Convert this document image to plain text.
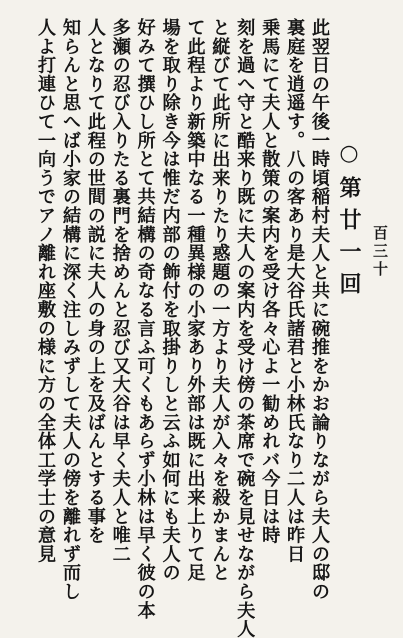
百三十
○第廿一回
此翌日の午後一時頃稲村夫人と共に碗推をかお論りながら夫人の邸の
裏庭を逍遥す。八の客あり是大谷氏諸君と小林氏なり二人は昨日
乗馬にて夫人と散策の案内を受け各々心よ一勧めれバ今日は時
刻を過へ守と酷来り既に夫人の案内を受け傍の茶席で碗を見せながら夫人
と縦びて此所に出来りたり惑題の一方より夫人が入々を殺かまんと
て此程より新築中なる一種異様の小家あり外部は既に出来上りて足
場を取り除き今は惟だ内部の飾付を取掛りしと云ふ如何にも夫人の
好みて撰ひし所とて共結構の奇なる言ふ可くもあらず小林は早く彼の本
多瀬の忍び入りたる裏門を捨めんと忍び又大谷は早く夫人と唯二
人となりて此程の世間の説に夫人の身の上を及ばんとする事を
知らんと思へば小家の結構に深く注しみずして夫人の傍を離れず而し
人よ打連ひて一向うでアノ離れ座敷の様に方の全体工学士の意見
